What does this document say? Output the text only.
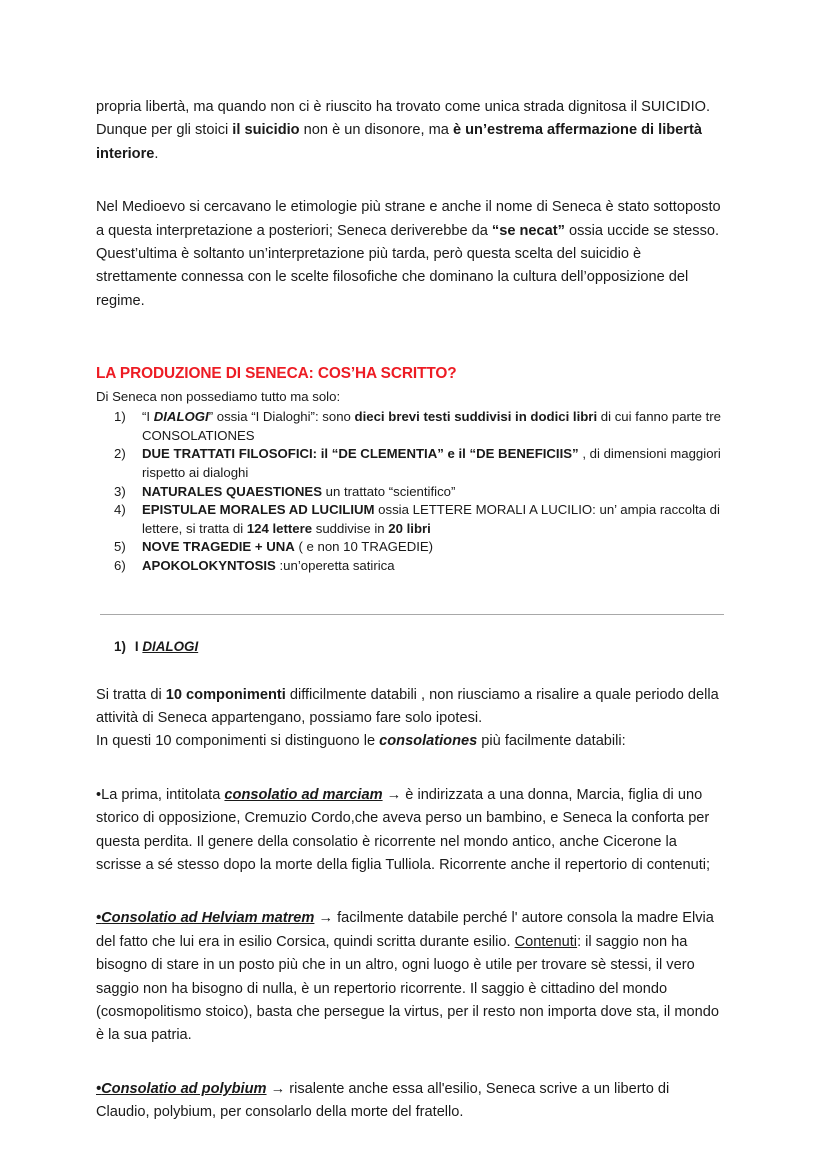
propria libertà, ma quando non ci è riuscito ha trovato come unica strada dignitosa il SUICIDIO.

Dunque per gli stoici il suicidio non è un disonore, ma è un’estrema affermazione di libertà interiore.

Nel Medioevo si cercavano le etimologie più strane e anche il nome di Seneca è stato sottoposto a questa interpretazione a posteriori; Seneca deriverebbe da “se necat” ossia uccide se stesso.

Quest’ultima è soltanto un’interpretazione più tarda, però questa scelta del suicidio è strettamente connessa con le scelte filosofiche che dominano la cultura dell’opposizione del regime.

LA PRODUZIONE DI SENECA: COS’HA SCRITTO?

Di Seneca non possediamo tutto ma solo:

1)	“I DIALOGI” ossia “I Dialoghi”: sono dieci brevi testi suddivisi in dodici libri di cui fanno parte tre CONSOLATIONES
2)	DUE TRATTATI FILOSOFICI: il “DE CLEMENTIA” e il “DE BENEFICIIS” , di dimensioni maggiori rispetto ai dialoghi
3)	NATURALES QUAESTIONES un trattato “scientifico”
4)	EPISTULAE MORALES AD LUCILIUM ossia LETTERE MORALI A LUCILIO: un’ ampia raccolta di lettere, si tratta di 124 lettere suddivise in 20 libri
5)	NOVE TRAGEDIE + UNA ( e non 10 TRAGEDIE)
6)	APOKOLOKYNTOSIS :un’operetta satirica

1) I DIALOGI

Si tratta di 10 componimenti difficilmente databili , non riusciamo a risalire a quale periodo della attività di Seneca appartengano, possiamo fare solo ipotesi.

In questi 10 componimenti si distinguono le consolationes più facilmente databili:

•La prima, intitolata consolatio ad marciam → è indirizzata a una donna, Marcia, figlia di uno storico di opposizione, Cremuzio Cordo,che aveva perso un bambino, e Seneca la conforta per questa perdita. Il genere della consolatio è ricorrente nel mondo antico, anche Cicerone la scrisse a sé stesso dopo la morte della figlia Tulliola. Ricorrente anche il repertorio di contenuti;

•Consolatio ad Helviam matrem → facilmente databile perché l' autore consola la madre Elvia del fatto che lui era in esilio Corsica, quindi scritta durante esilio. Contenuti: il saggio non ha bisogno di stare in un posto più che in un altro, ogni luogo è utile per trovare sè stessi, il vero saggio non ha bisogno di nulla, è un repertorio ricorrente. Il saggio è cittadino del mondo (cosmopolitismo stoico), basta che persegue la virtus, per il resto non importa dove sta, il mondo è la sua patria.

•Consolatio ad polybium → risalente anche essa all'esilio, Seneca scrive a un liberto di Claudio, polybium, per consolarlo della morte del fratello.
